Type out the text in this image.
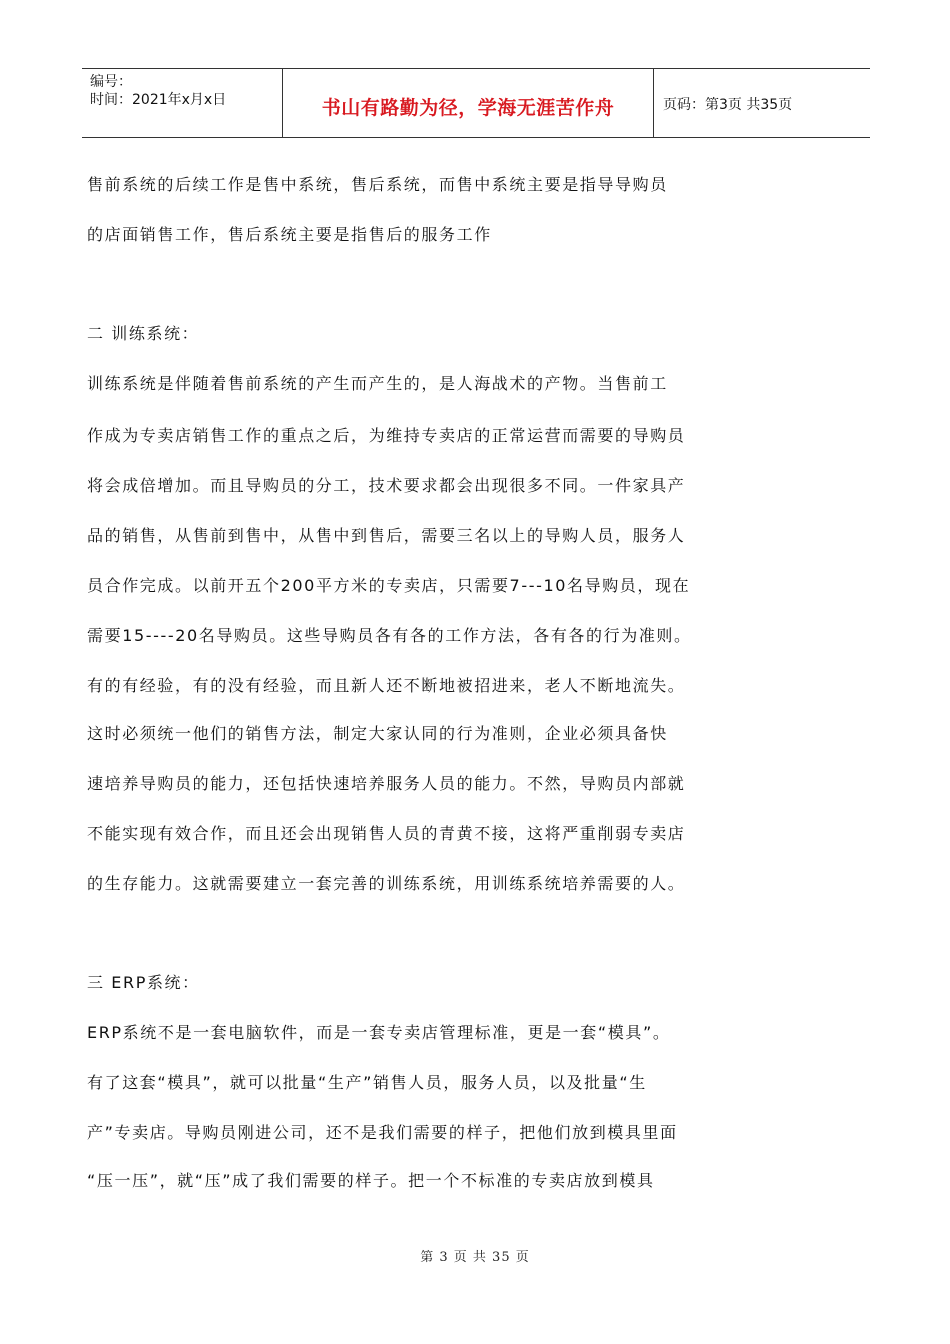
编号：
时间：2021年x月x日	书山有路勤为径，学海无涯苦作舟	页码：第3页 共35页
售前系统的后续工作是售中系统，售后系统，而售中系统主要是指导导购员
的店面销售工作，售后系统主要是指售后的服务工作
二 训练系统：
训练系统是伴随着售前系统的产生而产生的，是人海战术的产物。当售前工
作成为专卖店销售工作的重点之后，为维持专卖店的正常运营而需要的导购员
将会成倍增加。而且导购员的分工，技术要求都会出现很多不同。一件家具产
品的销售，从售前到售中，从售中到售后，需要三名以上的导购人员，服务人
员合作完成。以前开五个200平方米的专卖店，只需要7---10名导购员，现在
需要15----20名导购员。这些导购员各有各的工作方法，各有各的行为准则。
有的有经验，有的没有经验，而且新人还不断地被招进来，老人不断地流失。
这时必须统一他们的销售方法，制定大家认同的行为准则，企业必须具备快
速培养导购员的能力，还包括快速培养服务人员的能力。不然，导购员内部就
不能实现有效合作，而且还会出现销售人员的青黄不接，这将严重削弱专卖店
的生存能力。这就需要建立一套完善的训练系统，用训练系统培养需要的人。
三 ERP系统：
ERP系统不是一套电脑软件，而是一套专卖店管理标准，更是一套“模具”。
有了这套“模具”，就可以批量“生产”销售人员，服务人员，以及批量“生
产”专卖店。导购员刚进公司，还不是我们需要的样子，把他们放到模具里面
“压一压”，就“压”成了我们需要的样子。把一个不标准的专卖店放到模具
第 3 页 共 35 页
